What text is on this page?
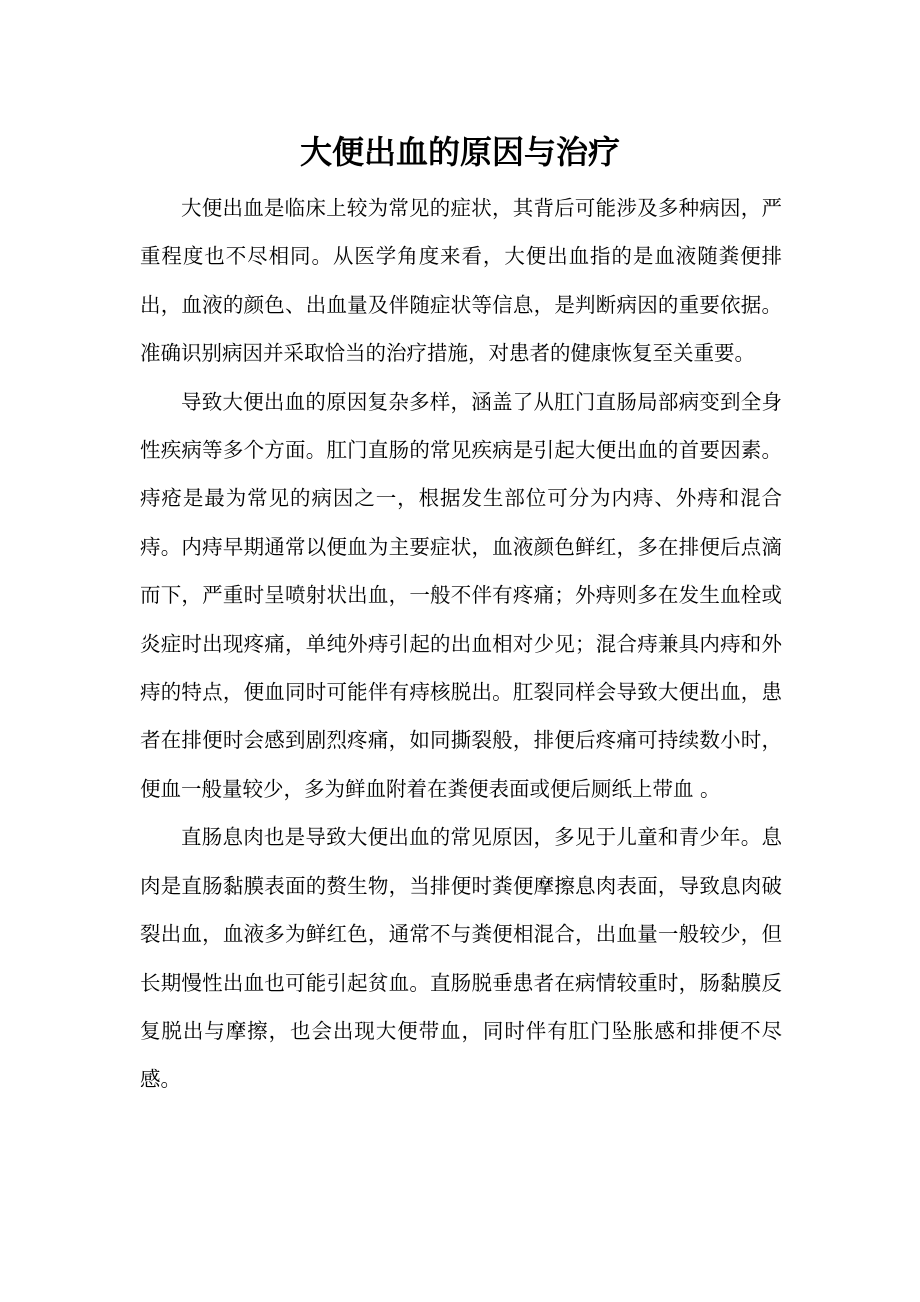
大便出血的原因与治疗

大便出血是临床上较为常见的症状，其背后可能涉及多种病因，严重程度也不尽相同。从医学角度来看，大便出血指的是血液随粪便排出，血液的颜色、出血量及伴随症状等信息，是判断病因的重要依据。准确识别病因并采取恰当的治疗措施，对患者的健康恢复至关重要。

导致大便出血的原因复杂多样，涵盖了从肛门直肠局部病变到全身性疾病等多个方面。肛门直肠的常见疾病是引起大便出血的首要因素。痔疮是最为常见的病因之一，根据发生部位可分为内痔、外痔和混合痔。内痔早期通常以便血为主要症状，血液颜色鲜红，多在排便后点滴而下，严重时呈喷射状出血，一般不伴有疼痛；外痔则多在发生血栓或炎症时出现疼痛，单纯外痔引起的出血相对少见；混合痔兼具内痔和外痔的特点，便血同时可能伴有痔核脱出。肛裂同样会导致大便出血，患者在排便时会感到剧烈疼痛，如同撕裂般，排便后疼痛可持续数小时，便血一般量较少，多为鲜血附着在粪便表面或便后厕纸上带血 。

直肠息肉也是导致大便出血的常见原因，多见于儿童和青少年。息肉是直肠黏膜表面的赘生物，当排便时粪便摩擦息肉表面，导致息肉破裂出血，血液多为鲜红色，通常不与粪便相混合，出血量一般较少，但长期慢性出血也可能引起贫血。直肠脱垂患者在病情较重时，肠黏膜反复脱出与摩擦，也会出现大便带血，同时伴有肛门坠胀感和排便不尽感。
